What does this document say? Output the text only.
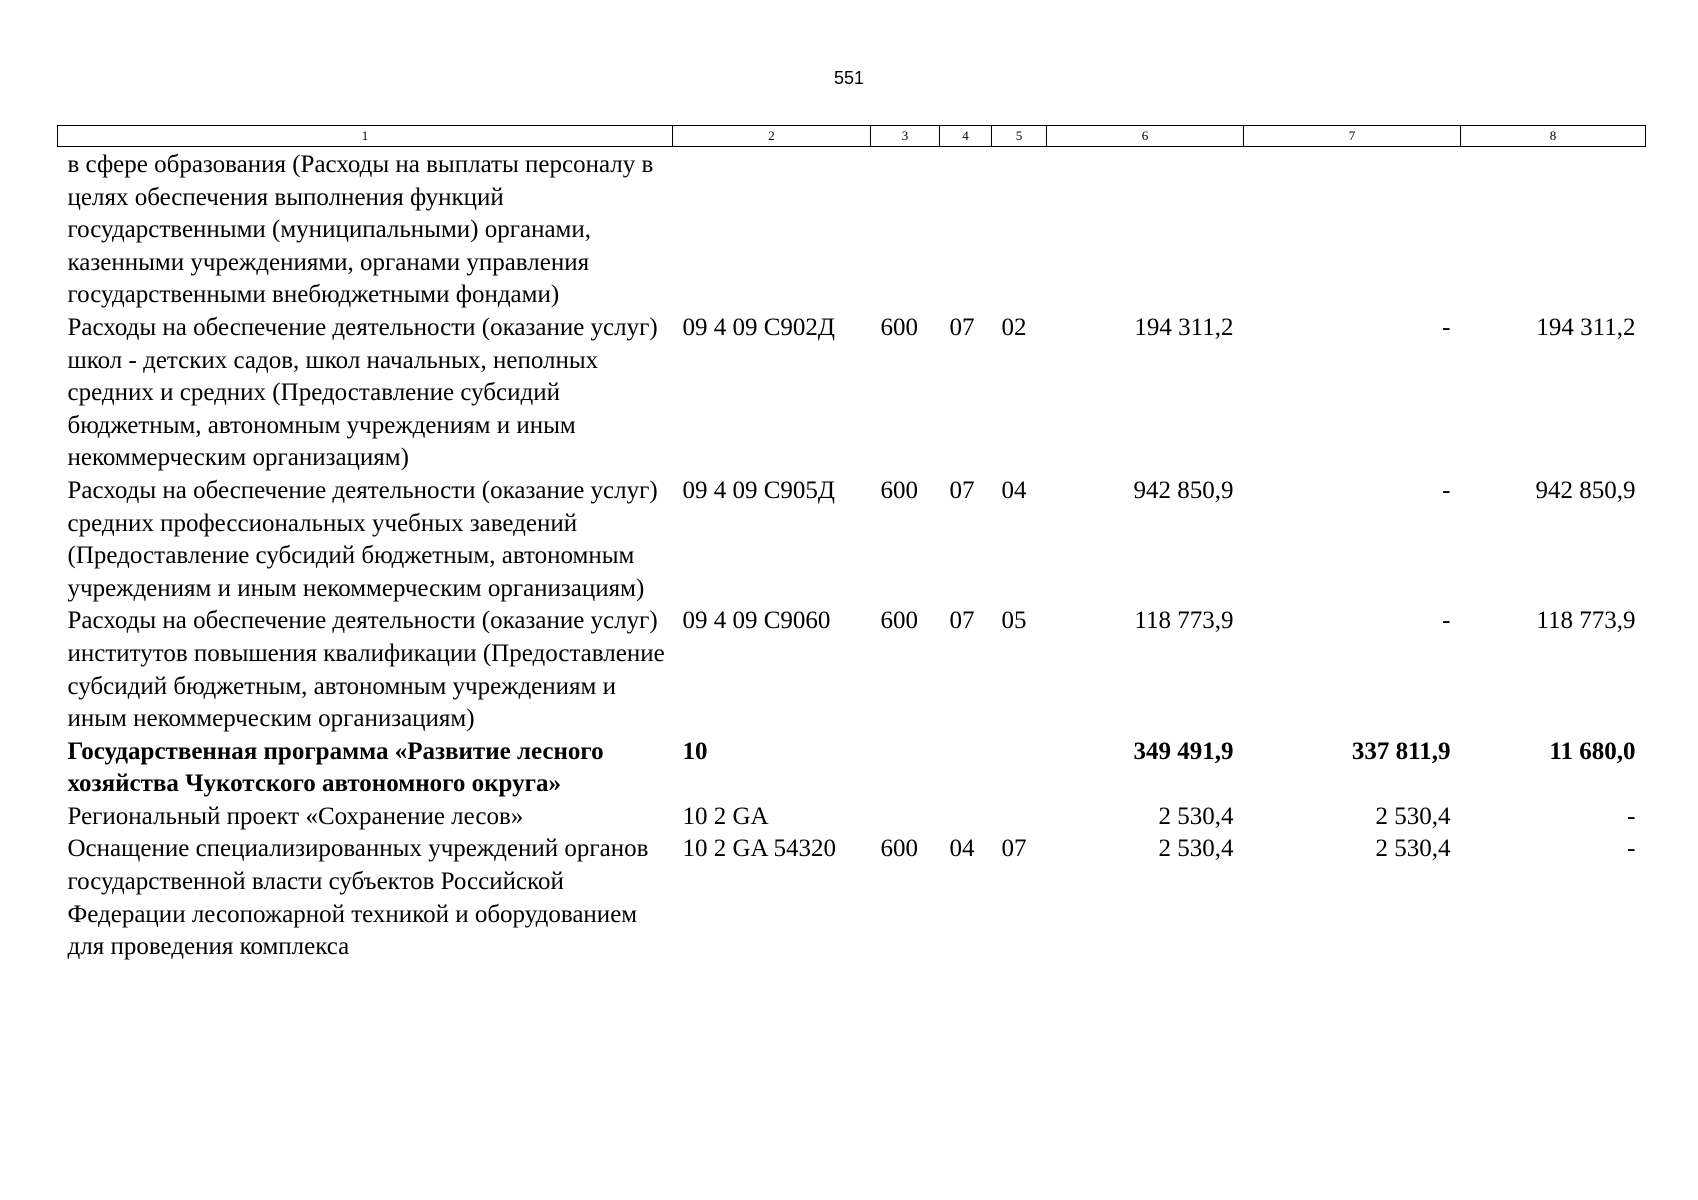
551
1	2	3	4	5	6	7	8
в сфере образования (Расходы на выплаты персоналу в целях обеспечения выполнения функций государственными (муниципальными) органами, казенными учреждениями, органами управления государственными внебюджетными фондами)							
Расходы на обеспечение деятельности (оказание услуг) школ - детских садов, школ начальных, неполных средних и средних (Предоставление субсидий бюджетным, автономным учреждениям и иным некоммерческим организациям)	09 4 09 С902Д	600	07	02	194 311,2	-	194 311,2
Расходы на обеспечение деятельности (оказание услуг) средних профессиональных учебных заведений (Предоставление субсидий бюджетным, автономным учреждениям и иным некоммерческим организациям)	09 4 09 С905Д	600	07	04	942 850,9	-	942 850,9
Расходы на обеспечение деятельности (оказание услуг) институтов повышения квалификации (Предоставление субсидий бюджетным, автономным учреждениям и иным некоммерческим организациям)	09 4 09 С9060	600	07	05	118 773,9	-	118 773,9
Государственная программа «Развитие лесного хозяйства Чукотского автономного округа»	10				349 491,9	337 811,9	11 680,0
Региональный проект «Сохранение лесов»	10 2 GA				2 530,4	2 530,4	-
Оснащение специализированных учреждений органов государственной власти субъектов Российской Федерации лесопожарной техникой и оборудованием для проведения комплекса	10 2 GA 54320	600	04	07	2 530,4	2 530,4	-
